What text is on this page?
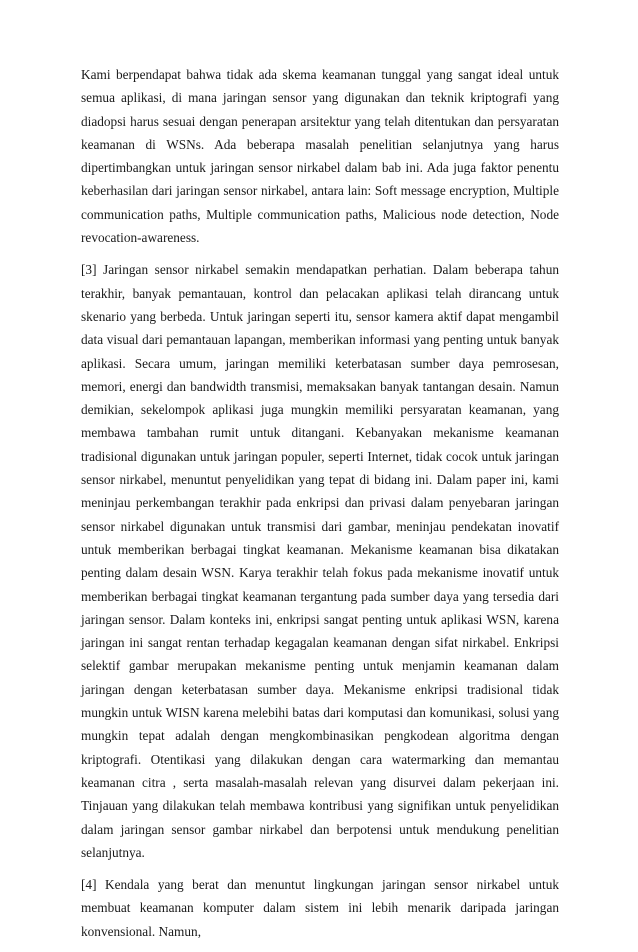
Kami berpendapat bahwa tidak ada skema keamanan tunggal yang sangat ideal untuk semua aplikasi, di mana jaringan sensor yang digunakan dan teknik kriptografi yang diadopsi harus sesuai dengan penerapan arsitektur yang telah ditentukan dan persyaratan keamanan di WSNs. Ada beberapa masalah penelitian selanjutnya yang harus dipertimbangkan untuk jaringan sensor nirkabel dalam bab ini. Ada juga faktor penentu keberhasilan dari jaringan sensor nirkabel, antara lain: Soft message encryption, Multiple communication paths, Multiple communication paths, Malicious node detection, Node revocation-awareness.

[3] Jaringan sensor nirkabel semakin mendapatkan perhatian. Dalam beberapa tahun terakhir, banyak pemantauan, kontrol dan pelacakan aplikasi telah dirancang untuk skenario yang berbeda. Untuk jaringan seperti itu, sensor kamera aktif dapat mengambil data visual dari pemantauan lapangan, memberikan informasi yang penting untuk banyak aplikasi. Secara umum, jaringan memiliki keterbatasan sumber daya pemrosesan, memori, energi dan bandwidth transmisi, memaksakan banyak tantangan desain. Namun demikian, sekelompok aplikasi juga mungkin memiliki persyaratan keamanan, yang membawa tambahan rumit untuk ditangani. Kebanyakan mekanisme keamanan tradisional digunakan untuk jaringan populer, seperti Internet, tidak cocok untuk jaringan sensor nirkabel, menuntut penyelidikan yang tepat di bidang ini. Dalam paper ini, kami meninjau perkembangan terakhir pada enkripsi dan privasi dalam penyebaran jaringan sensor nirkabel digunakan untuk transmisi dari gambar, meninjau pendekatan inovatif untuk memberikan berbagai tingkat keamanan. Mekanisme keamanan bisa dikatakan penting dalam desain WSN. Karya terakhir telah fokus pada mekanisme inovatif untuk memberikan berbagai tingkat keamanan tergantung pada sumber daya yang tersedia dari jaringan sensor. Dalam konteks ini, enkripsi sangat penting untuk aplikasi WSN, karena jaringan ini sangat rentan terhadap kegagalan keamanan dengan sifat nirkabel. Enkripsi selektif gambar merupakan mekanisme penting untuk menjamin keamanan dalam jaringan dengan keterbatasan sumber daya. Mekanisme enkripsi tradisional tidak mungkin untuk WISN karena melebihi batas dari komputasi dan komunikasi, solusi yang mungkin tepat adalah dengan mengkombinasikan pengkodean algoritma dengan kriptografi. Otentikasi yang dilakukan dengan cara watermarking dan memantau keamanan citra , serta masalah-masalah relevan yang disurvei dalam pekerjaan ini. Tinjauan yang dilakukan telah membawa kontribusi yang signifikan untuk penyelidikan dalam jaringan sensor gambar nirkabel dan berpotensi untuk mendukung penelitian selanjutnya.

[4] Kendala yang berat dan menuntut lingkungan jaringan sensor nirkabel untuk membuat keamanan komputer dalam sistem ini lebih menarik daripada jaringan konvensional. Namun,
